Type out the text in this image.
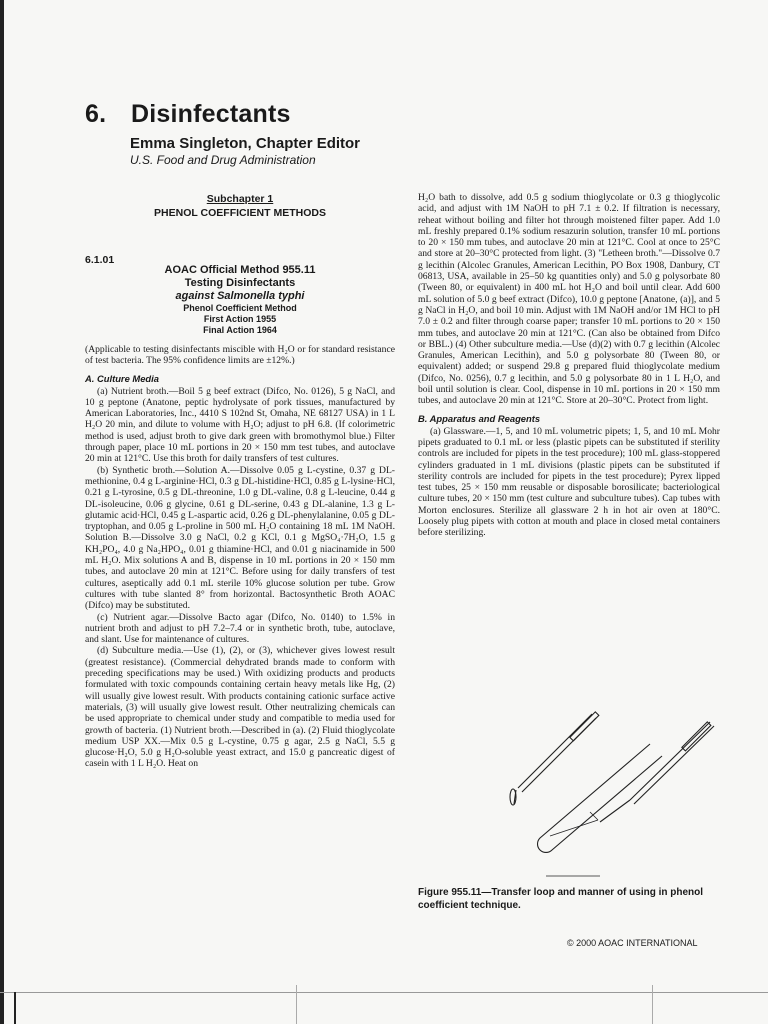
6. Disinfectants
Emma Singleton, Chapter Editor
U.S. Food and Drug Administration
Subchapter 1
PHENOL COEFFICIENT METHODS
6.1.01
AOAC Official Method 955.11
Testing Disinfectants
against Salmonella typhi
Phenol Coefficient Method
First Action 1955
Final Action 1964
(Applicable to testing disinfectants miscible with H₂O or for standard resistance of test bacteria. The 95% confidence limits are ±12%.)
A. Culture Media

(a) Nutrient broth.—Boil 5 g beef extract (Difco, No. 0126), 5 g NaCl, and 10 g peptone (Anatone, peptic hydrolysate of pork tissues, manufactured by American Laboratories, Inc., 4410 S 102nd St, Omaha, NE 68127 USA) in 1 L H₂O 20 min, and dilute to volume with H₂O; adjust to pH 6.8. (If colorimetric method is used, adjust broth to give dark green with bromothymol blue.) Filter through paper, place 10 mL portions in 20 × 150 mm test tubes, and autoclave 20 min at 121°C. Use this broth for daily transfers of test cultures.

(b) Synthetic broth.—Solution A.—Dissolve 0.05 g L-cystine, 0.37 g DL-methionine, 0.4 g L-arginine·HCl, 0.3 g DL-histidine·HCl, 0.85 g L-lysine·HCl, 0.21 g L-tyrosine, 0.5 g DL-threonine, 1.0 g DL-valine, 0.8 g L-leucine, 0.44 g DL-isoleucine, 0.06 g glycine, 0.61 g DL-serine, 0.43 g DL-alanine, 1.3 g L-glutamic acid·HCl, 0.45 g L-aspartic acid, 0.26 g DL-phenylalanine, 0.05 g DL-tryptophan, and 0.05 g L-proline in 500 mL H₂O containing 18 mL 1M NaOH. Solution B.—Dissolve 3.0 g NaCl, 0.2 g KCl, 0.1 g MgSO₄·7H₂O, 1.5 g KH₂PO₄, 4.0 g Na₂HPO₄, 0.01 g thiamine·HCl, and 0.01 g niacinamide in 500 mL H₂O. Mix solutions A and B, dispense in 10 mL portions in 20 × 150 mm tubes, and autoclave 20 min at 121°C. Before using for daily transfers of test cultures, aseptically add 0.1 mL sterile 10% glucose solution per tube. Grow cultures with tube slanted 8° from horizontal. Bactosynthetic Broth AOAC (Difco) may be substituted.

(c) Nutrient agar.—Dissolve Bacto agar (Difco, No. 0140) to 1.5% in nutrient broth and adjust to pH 7.2–7.4 or in synthetic broth, tube, autoclave, and slant. Use for maintenance of cultures.

(d) Subculture media.—Use (1), (2), or (3), whichever gives lowest result (greatest resistance). (Commercial dehydrated brands made to conform with preceding specifications may be used.) With oxidizing products and products formulated with toxic compounds containing certain heavy metals like Hg, (2) will usually give lowest result. With products containing cationic surface active materials, (3) will usually give lowest result. Other neutralizing chemicals can be used appropriate to chemical under study and compatible to media used for growth of bacteria. (1) Nutrient broth.—Described in (a). (2) Fluid thioglycolate medium USP XX.—Mix 0.5 g L-cystine, 0.75 g agar, 2.5 g NaCl, 5.5 g glucose·H₂O, 5.0 g H₂O-soluble yeast extract, and 15.0 g pancreatic digest of casein with 1 L H₂O. Heat on

H₂O bath to dissolve, add 0.5 g sodium thioglycolate or 0.3 g thioglycolic acid, and adjust with 1M NaOH to pH 7.1 ± 0.2. If filtration is necessary, reheat without boiling and filter hot through moistened filter paper. Add 1.0 mL freshly prepared 0.1% sodium resazurin solution, transfer 10 mL portions to 20 × 150 mm tubes, and autoclave 20 min at 121°C. Cool at once to 25°C and store at 20–30°C protected from light. (3) "Letheen broth."—Dissolve 0.7 g lecithin (Alcolec Granules, American Lecithin, PO Box 1908, Danbury, CT 06813, USA, available in 25–50 kg quantities only) and 5.0 g polysorbate 80 (Tween 80, or equivalent) in 400 mL hot H₂O and boil until clear. Add 600 mL solution of 5.0 g beef extract (Difco), 10.0 g peptone [Anatone, (a)], and 5 g NaCl in H₂O, and boil 10 min. Adjust with 1M NaOH and/or 1M HCl to pH 7.0 ± 0.2 and filter through coarse paper; transfer 10 mL portions to 20 × 150 mm tubes, and autoclave 20 min at 121°C. (Can also be obtained from Difco or BBL.) (4) Other subculture media.—Use (d)(2) with 0.7 g lecithin (Alcolec Granules, American Lecithin), and 5.0 g polysorbate 80 (Tween 80, or equivalent) added; or suspend 29.8 g prepared fluid thioglycolate medium (Difco, No. 0256), 0.7 g lecithin, and 5.0 g polysorbate 80 in 1 L H₂O, and boil until solution is clear. Cool, dispense in 10 mL portions in 20 × 150 mm tubes, and autoclave 20 min at 121°C. Store at 20–30°C. Protect from light.

B. Apparatus and Reagents

(a) Glassware.—1, 5, and 10 mL volumetric pipets; 1, 5, and 10 mL Mohr pipets graduated to 0.1 mL or less (plastic pipets can be substituted if sterility controls are included for pipets in the test procedure); 100 mL glass-stoppered cylinders graduated in 1 mL divisions (plastic pipets can be substituted if sterility controls are included for pipets in the test procedure); Pyrex lipped test tubes, 25 × 150 mm reusable or disposable borosilicate; bacteriological culture tubes, 20 × 150 mm (test culture and subculture tubes). Cap tubes with Morton enclosures. Sterilize all glassware 2 h in hot air oven at 180°C. Loosely plug pipets with cotton at mouth and place in closed metal containers before sterilizing.

Figure 955.11—Transfer loop and manner of using in phenol coefficient technique.
© 2000 AOAC INTERNATIONAL
